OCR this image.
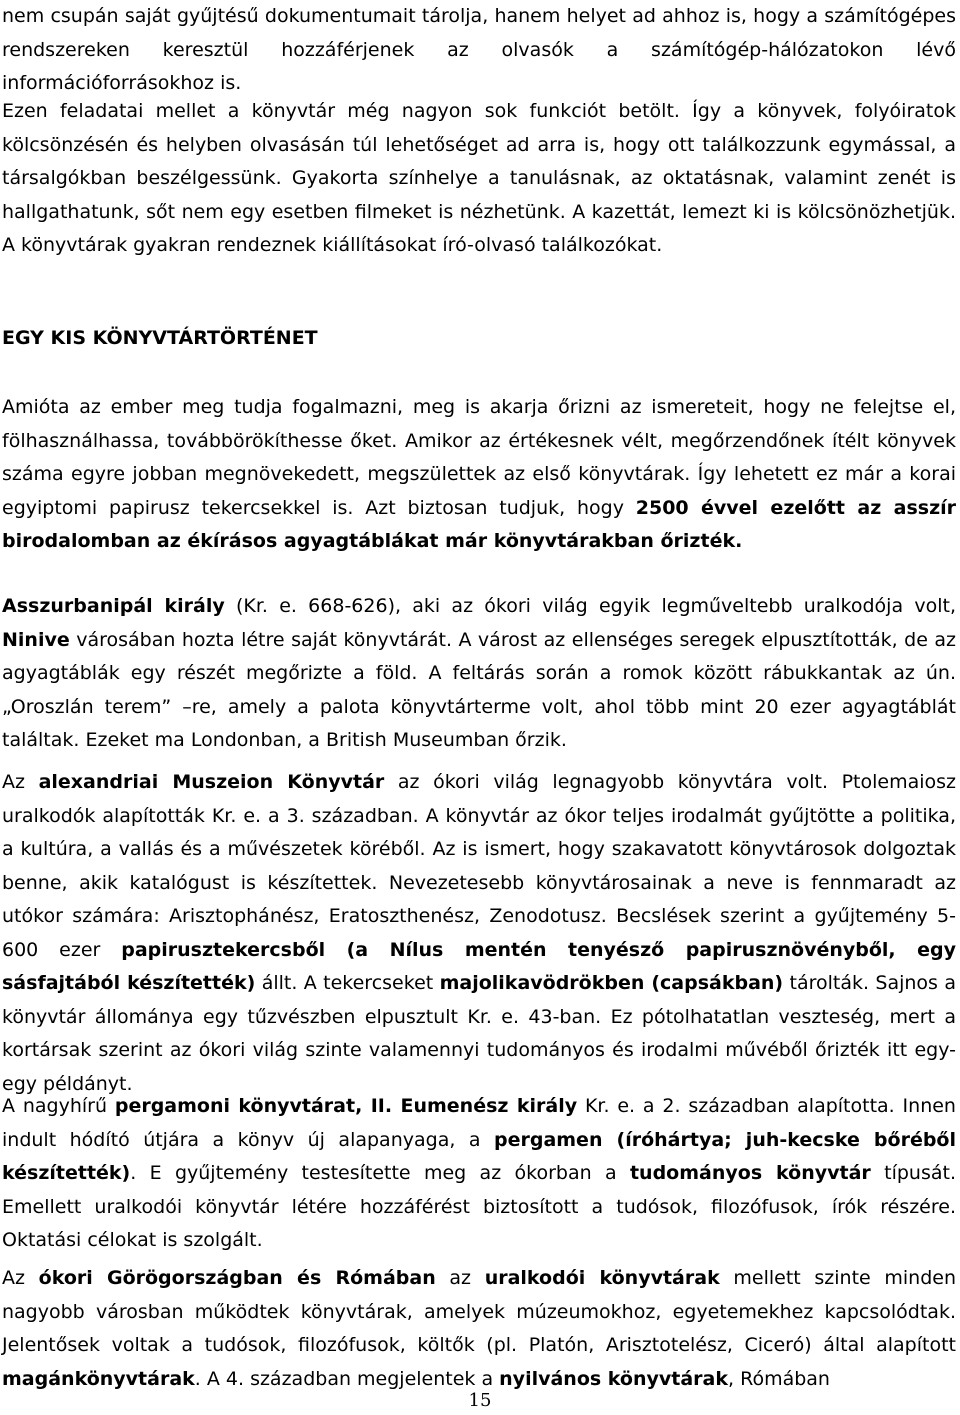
nem csupán saját gyűjtésű dokumentumait tárolja, hanem helyet ad ahhoz is, hogy a számítógépes rendszereken keresztül hozzáférjenek az olvasók a számítógép-hálózatokon lévő információforrásokhoz is.

Ezen feladatai mellet a könyvtár még nagyon sok funkciót betölt. Így a könyvek, folyóiratok kölcsönzésén és helyben olvasásán túl lehetőséget ad arra is, hogy ott találkozzunk egymással, a társalgókban beszélgessünk. Gyakorta színhelye a tanulásnak, az oktatásnak, valamint zenét is hallgathatunk, sőt nem egy esetben filmeket is nézhetünk. A kazettát, lemezt ki is kölcsönözhetjük. A könyvtárak gyakran rendeznek kiállításokat író-olvasó találkozókat.

EGY KIS KÖNYVTÁRTÖRTÉNET

Amióta az ember meg tudja fogalmazni, meg is akarja őrizni az ismereteit, hogy ne felejtse el, fölhasználhassa, továbbörökíthesse őket. Amikor az értékesnek vélt, megőrzendőnek ítélt könyvek száma egyre jobban megnövekedett, megszülettek az első könyvtárak. Így lehetett ez már a korai egyiptomi papirusz tekercsekkel is. Azt biztosan tudjuk, hogy 2500 évvel ezelőtt az asszír birodalomban az ékírásos agyagtáblákat már könyvtárakban őrizték.

Asszurbanipál király (Kr. e. 668-626), aki az ókori világ egyik legműveltebb uralkodója volt, Ninive városában hozta létre saját könyvtárát. A várost az ellenséges seregek elpusztították, de az agyagtáblák egy részét megőrizte a föld. A feltárás során a romok között rábukkantak az ún. „Oroszlán terem” –re, amely a palota könyvtárterme volt, ahol több mint 20 ezer agyagtáblát találtak. Ezeket ma Londonban, a British Museumban őrzik.

Az alexandriai Muszeion Könyvtár az ókori világ legnagyobb könyvtára volt. Ptolemaiosz uralkodók alapították Kr. e. a 3. században. A könyvtár az ókor teljes irodalmát gyűjtötte a politika, a kultúra, a vallás és a művészetek köréből. Az is ismert, hogy szakavatott könyvtárosok dolgoztak benne, akik katalógust is készítettek. Nevezetesebb könyvtárosainak a neve is fennmaradt az utókor számára: Arisztophánész, Eratoszthenész, Zenodotusz. Becslések szerint a gyűjtemény 5-600 ezer papirusztekercsből (a Nílus mentén tenyésző papirusznövényből, egy sásfajtából készítették) állt. A tekercseket majolikavödrökben (capsákban) tárolták. Sajnos a könyvtár állománya egy tűzvészben elpusztult Kr. e. 43-ban. Ez pótolhatatlan veszteség, mert a kortársak szerint az ókori világ szinte valamennyi tudományos és irodalmi művéből őrizték itt egy-egy példányt.

A nagyhírű pergamoni könyvtárat, II. Eumenész király Kr. e. a 2. században alapította. Innen indult hódító útjára a könyv új alapanyaga, a pergamen (íróhártya; juh-kecske bőréből készítették). E gyűjtemény testesítette meg az ókorban a tudományos könyvtár típusát. Emellett uralkodói könyvtár létére hozzáférést biztosított a tudósok, filozófusok, írók részére. Oktatási célokat is szolgált.

Az ókori Görögországban és Rómában az uralkodói könyvtárak mellett szinte minden nagyobb városban működtek könyvtárak, amelyek múzeumokhoz, egyetemekhez kapcsolódtak. Jelentősek voltak a tudósok, filozófusok, költők (pl. Platón, Arisztotelész, Ciceró) által alapított magánkönyvtárak. A 4. században megjelentek a nyilvános könyvtárak, Rómában

15
